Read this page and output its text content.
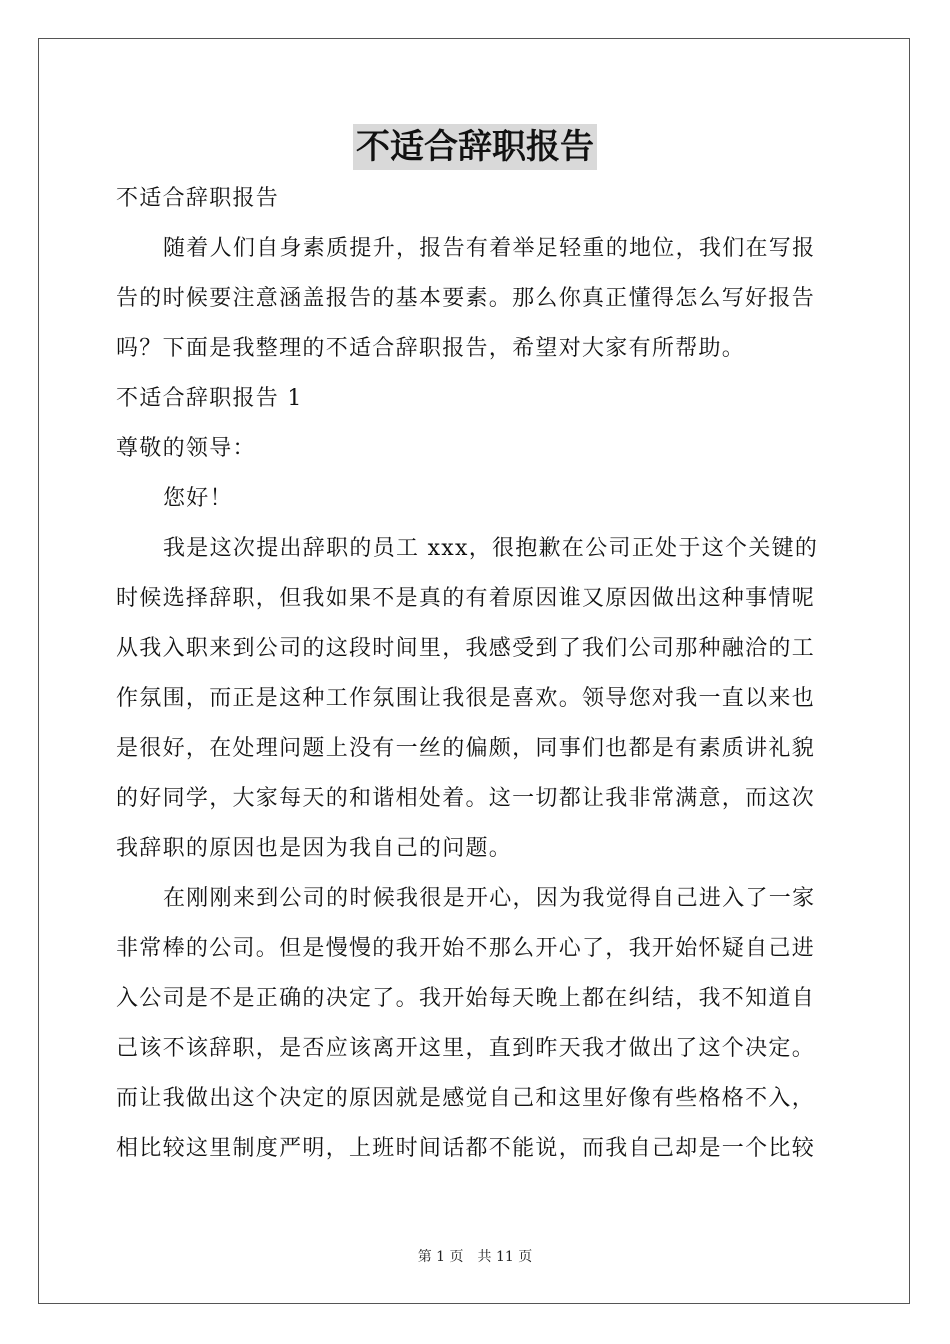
不适合辞职报告
不适合辞职报告
随着人们自身素质提升，报告有着举足轻重的地位，我们在写报
告的时候要注意涵盖报告的基本要素。那么你真正懂得怎么写好报告
吗？下面是我整理的不适合辞职报告，希望对大家有所帮助。
不适合辞职报告 1
尊敬的领导：
您好！
我是这次提出辞职的员工 xxx，很抱歉在公司正处于这个关键的
时候选择辞职，但我如果不是真的有着原因谁又原因做出这种事情呢
从我入职来到公司的这段时间里，我感受到了我们公司那种融洽的工
作氛围，而正是这种工作氛围让我很是喜欢。领导您对我一直以来也
是很好，在处理问题上没有一丝的偏颇，同事们也都是有素质讲礼貌
的好同学，大家每天的和谐相处着。这一切都让我非常满意，而这次
我辞职的原因也是因为我自己的问题。
在刚刚来到公司的时候我很是开心，因为我觉得自己进入了一家
非常棒的公司。但是慢慢的我开始不那么开心了，我开始怀疑自己进
入公司是不是正确的决定了。我开始每天晚上都在纠结，我不知道自
己该不该辞职，是否应该离开这里，直到昨天我才做出了这个决定。
而让我做出这个决定的原因就是感觉自己和这里好像有些格格不入，
相比较这里制度严明，上班时间话都不能说，而我自己却是一个比较
第 1 页　共 11 页
